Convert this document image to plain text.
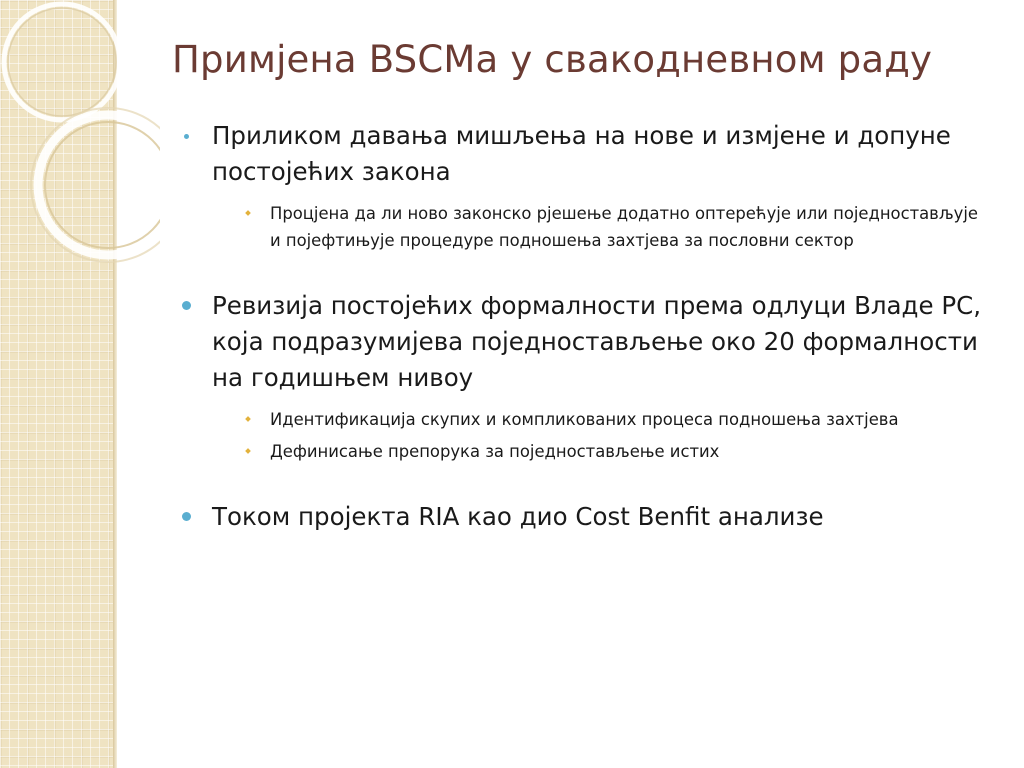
Примјена BSCMa у свакодневном раду
Приликом давања мишљења на нове и измјене и допуне постојећих закона
Процјена да ли ново законско рјешење додатно оптерећује или поједностављује и појефтињује процедуре подношења захтјева за пословни сектор
Ревизија постојећих формалности према одлуци Владе РС, која подразумијева поједностављење око 20 формалности на годишњем нивоу
Идентификација скупих и компликованих процеса подношења захтјева
Дефинисање препорука за поједностављење истих
Током пројекта RIA као дио Cost Benfit анализе
